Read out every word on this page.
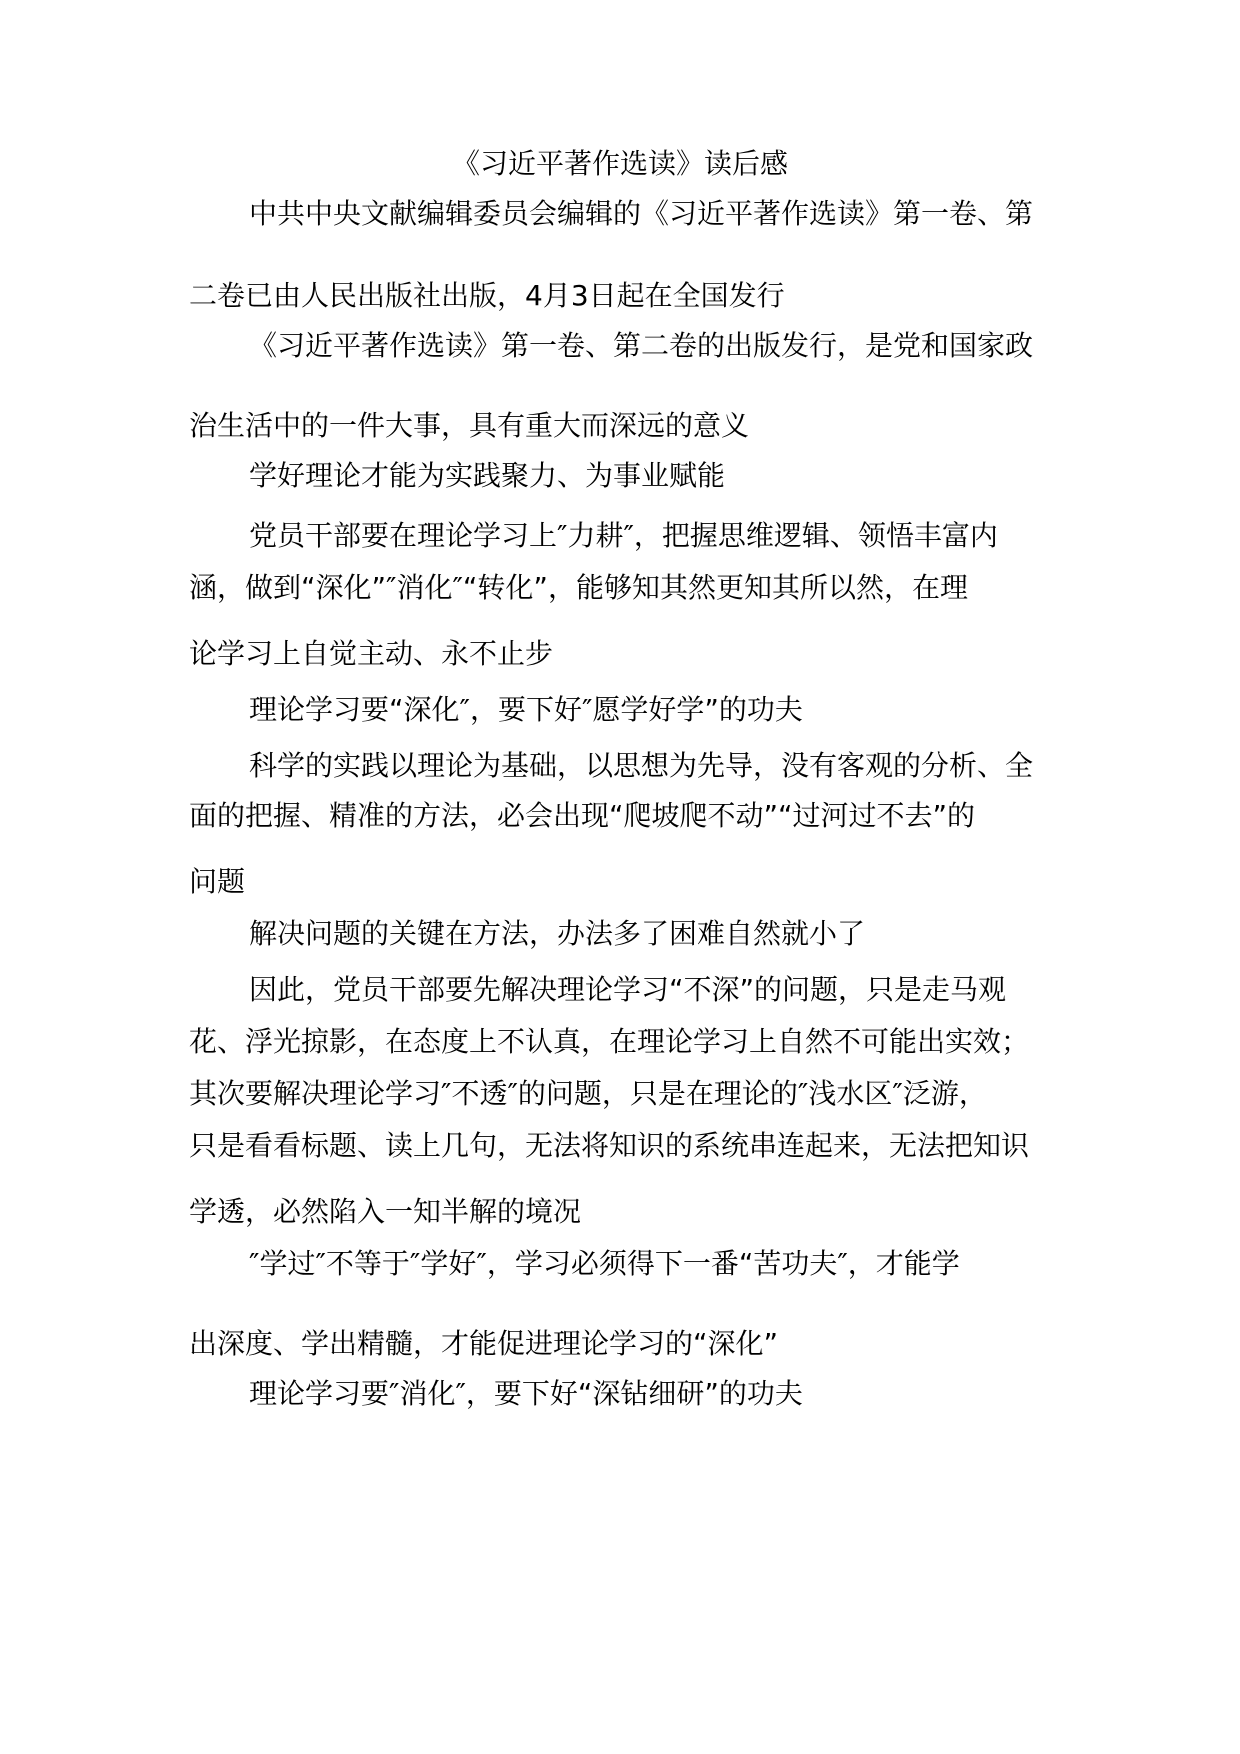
《习近平著作选读》读后感
中共中央文献编辑委员会编辑的《习近平著作选读》第一卷、第
二卷已由人民出版社出版，4月3日起在全国发行
《习近平著作选读》第一卷、第二卷的出版发行，是党和国家政
治生活中的一件大事，具有重大而深远的意义
学好理论才能为实践聚力、为事业赋能
党员干部要在理论学习上″力耕″，把握思维逻辑、领悟丰富内
涵，做到“深化”″消化″“转化”，能够知其然更知其所以然，在理
论学习上自觉主动、永不止步
理论学习要“深化″，要下好″愿学好学”的功夫
科学的实践以理论为基础，以思想为先导，没有客观的分析、全
面的把握、精准的方法，必会出现“爬坡爬不动”“过河过不去”的
问题
解决问题的关键在方法，办法多了困难自然就小了
因此，党员干部要先解决理论学习“不深”的问题，只是走马观
花、浮光掠影，在态度上不认真，在理论学习上自然不可能出实效；
其次要解决理论学习″不透″的问题，只是在理论的″浅水区″泛游，
只是看看标题、读上几句，无法将知识的系统串连起来，无法把知识
学透，必然陷入一知半解的境况
″学过″不等于″学好″，学习必须得下一番“苦功夫″，才能学
出深度、学出精髓，才能促进理论学习的“深化”
理论学习要″消化″，要下好“深钻细研”的功夫
